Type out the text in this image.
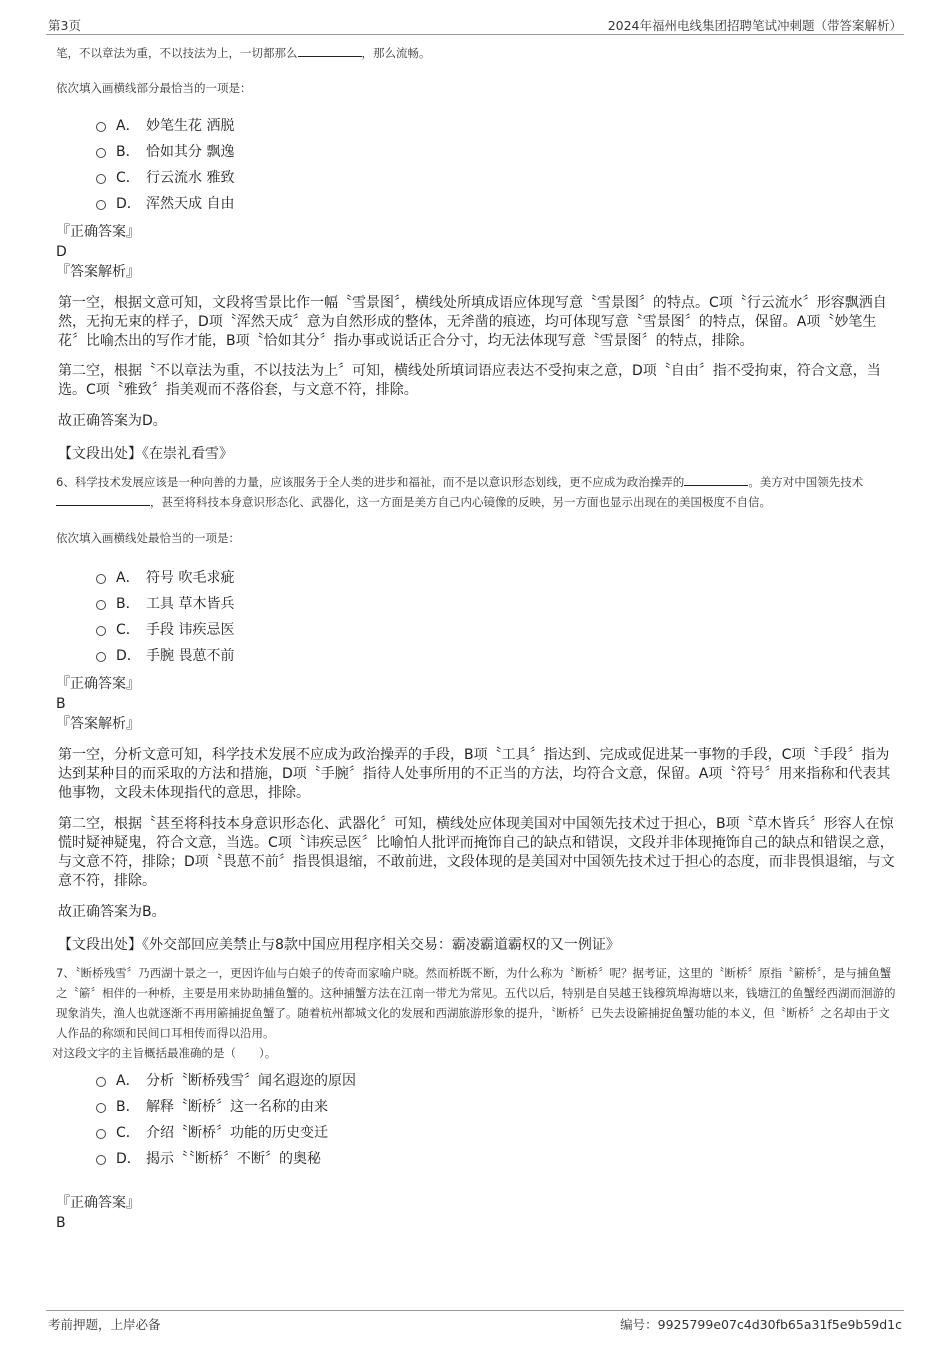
第3页	2024年福州电线集团招聘笔试冲刺题（带答案解析）

笔，不以章法为重，不以技法为上，一切都那么	，那么流畅。

依次填入画横线部分最恰当的一项是：

A． 妙笔生花 洒脱
B． 恰如其分 飘逸
C． 行云流水 雅致
D． 浑然天成 自由

『正确答案』

D

『答案解析』

第一空，根据文意可知，文段将雪景比作一幅〝雪景图〞，横线处所填成语应体现写意〝雪景图〞的特点。C项〝行云流水〞形容飘洒自然，无拘无束的样子，D项〝浑然天成〞意为自然形成的整体，无斧凿的痕迹，均可体现写意〝雪景图〞的特点，保留。A项〝妙笔生花〞比喻杰出的写作才能，B项〝恰如其分〞指办事或说话正合分寸，均无法体现写意〝雪景图〞的特点，排除。

第二空，根据〝不以章法为重，不以技法为上〞可知，横线处所填词语应表达不受拘束之意，D项〝自由〞指不受拘束，符合文意，当选。C项〝雅致〞指美观而不落俗套，与文意不符，排除。

故正确答案为D。

【文段出处】《在崇礼看雪》

6、科学技术发展应该是一种向善的力量，应该服务于全人类的进步和福祉，而不是以意识形态划线，更不应成为政治操弄的	。美方对中国领先技术，甚至将科技本身意识形态化、武器化，这一方面是美方自己内心镜像的反映，另一方面也显示出现在的美国极度不自信。

依次填入画横线处最恰当的一项是：

A． 符号 吹毛求疵
B． 工具 草木皆兵
C． 手段 讳疾忌医
D． 手腕 畏葸不前

『正确答案』

B

『答案解析』

第一空，分析文意可知，科学技术发展不应成为政治操弄的手段，B项〝工具〞指达到、完成或促进某一事物的手段，C项〝手段〞指为达到某种目的而采取的方法和措施，D项〝手腕〞指待人处事所用的不正当的方法，均符合文意，保留。A项〝符号〞用来指称和代表其他事物，文段未体现指代的意思，排除。

第二空，根据〝甚至将科技本身意识形态化、武器化〞可知，横线处应体现美国对中国领先技术过于担心，B项〝草木皆兵〞形容人在惊慌时疑神疑鬼，符合文意，当选。C项〝讳疾忌医〞比喻怕人批评而掩饰自己的缺点和错误，文段并非体现掩饰自己的缺点和错误之意，与文意不符，排除；D项〝畏葸不前〞指畏惧退缩，不敢前进，文段体现的是美国对中国领先技术过于担心的态度，而非畏惧退缩，与文意不符，排除。

故正确答案为B。

【文段出处】《外交部回应美禁止与8款中国应用程序相关交易：霸凌霸道霸权的又一例证》

7、〝断桥残雪〞乃西湖十景之一，更因许仙与白娘子的传奇而家喻户晓。然而桥既不断，为什么称为〝断桥〞呢？据考证，这里的〝断桥〞原指〝簖桥〞，是与捕鱼蟹之〝簖〞相伴的一种桥，主要是用来协助捕鱼蟹的。这种捕蟹方法在江南一带尤为常见。五代以后，特别是自吴越王钱穆筑埠海塘以来，钱塘江的鱼蟹经西湖而洄游的现象消失，渔人也就逐渐不再用簖捕捉鱼蟹了。随着杭州都城文化的发展和西湖旅游形象的提升，〝断桥〞已失去设簖捕捉鱼蟹功能的本义，但〝断桥〞之名却由于文人作品的称颂和民间口耳相传而得以沿用。

对这段文字的主旨概括最准确的是（　　）。

A． 分析〝断桥残雪〞闻名遐迩的原因
B． 解释〝断桥〞这一名称的由来
C． 介绍〝断桥〞功能的历史变迁
D． 揭示〝〝断桥〞不断〞的奥秘

『正确答案』

B

考前押题，上岸必备	编号：9925799e07c4d30fb65a31f5e9b59d1c
